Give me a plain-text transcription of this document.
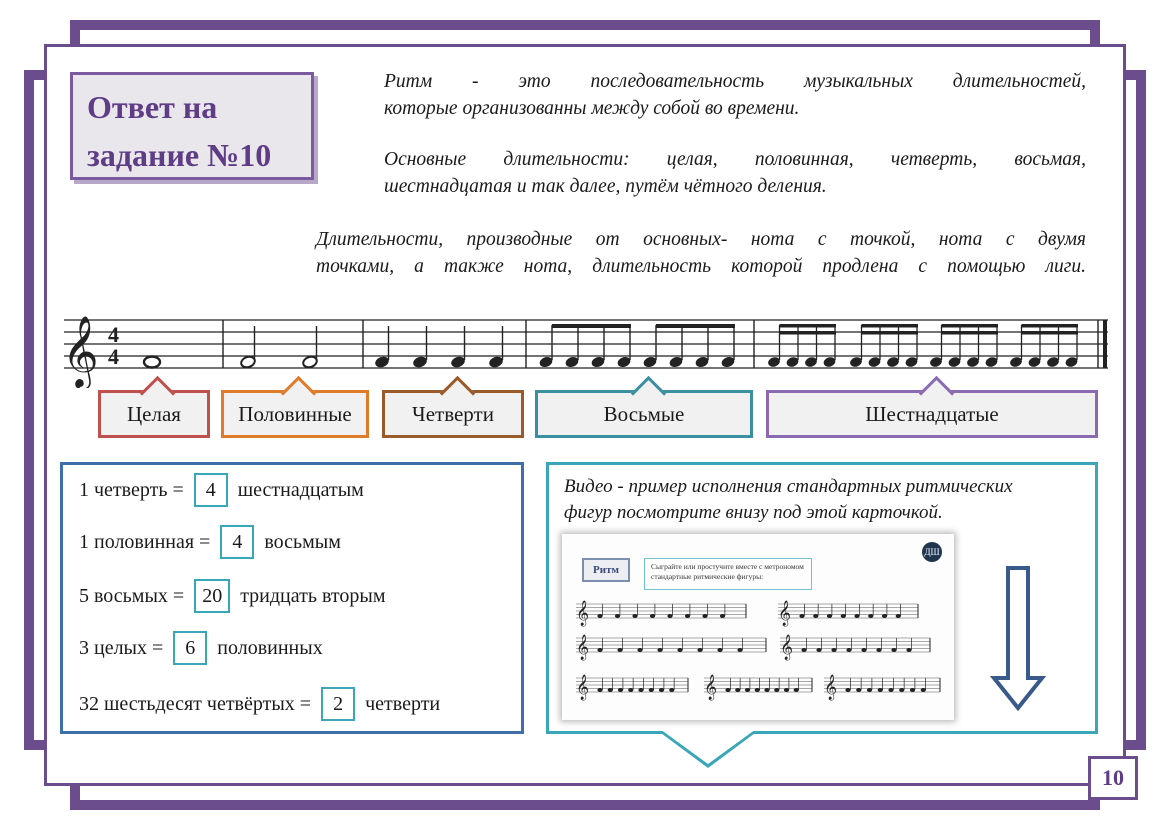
Ответ на
задание №10
Ритм - это последовательность музыкальных длительностей,
которые организованны между собой во времени.
Основные длительности: целая, половинная, четверть, восьмая,
шестнадцатая и так далее, путём чётного деления.
Длительности, производные от основных- нота с точкой, нота с двумя
точками, а также нота, длительность которой продлена с помощью лиги.
𝄞 4
4
Целая	Половинные	Четверти	Восьмые	Шестнадцатые
1 четверть =	4	шестнадцатым
1 половинная =	4	восьмым
5 восьмых = 20 тридцать вторым
3 целых =	6	половинных
32 шестьдесят четвёртых =	2	четверти
Видео - пример исполнения стандартных ритмических
фигур посмотрите внизу под этой карточкой.
Ритм	Сыграйте или простучите вместе с метрономом
стандартные ритмические фигуры:
ДШ
𝄞	𝄞
𝄞	𝄞
𝄞	𝄞	𝄞
10
